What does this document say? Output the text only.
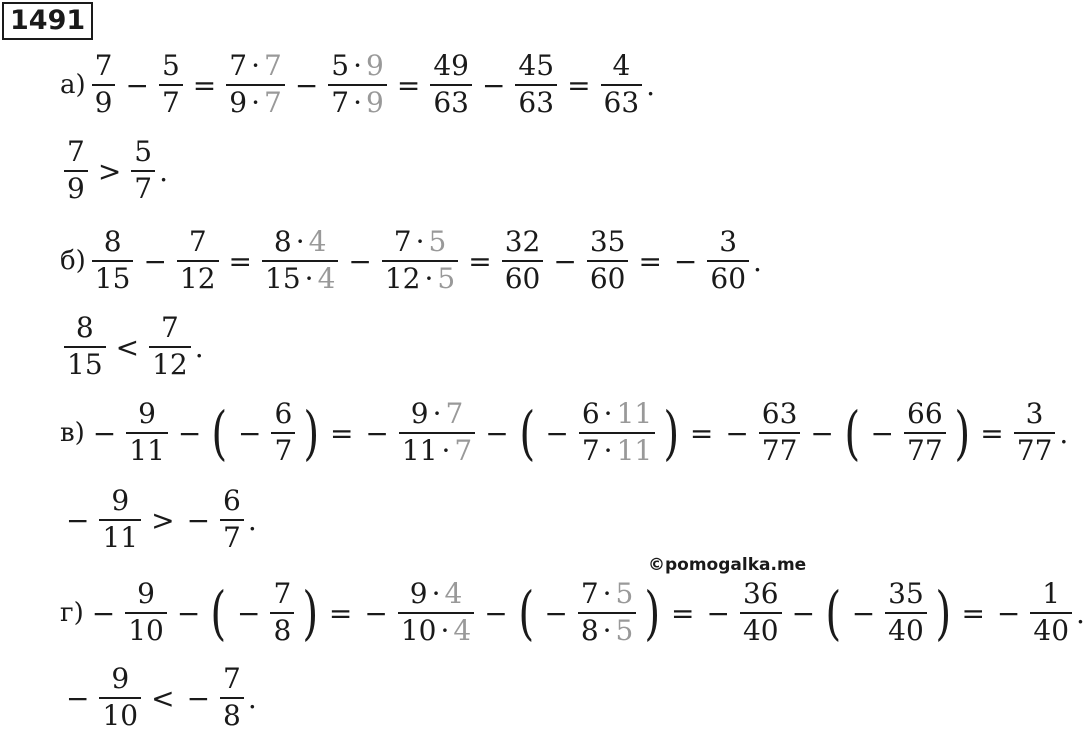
1491
©pomogalka.me
$а) \frac{7}{9} - \frac{5}{7} = \frac{7 \cdot 7}{9 \cdot 7} - \frac{5 \cdot 9}{7 \cdot 9} = \frac{49}{63} - \frac{45}{63} = \frac{4}{63}$ .
$\frac{7}{9} > \frac{5}{7}$ .
$б) \frac{8}{15} - \frac{7}{12} = \frac{8 \cdot 4}{15 \cdot 4} - \frac{7 \cdot 5}{12 \cdot 5} = \frac{32}{60} - \frac{35}{60}$ = − $\frac{3}{60}$ .
$\frac{8}{15} < \frac{7}{12}$ .
$в) - \frac{9}{11}$ − ( − $\frac{6}{7}$ ) = − $\frac{9 \cdot 7}{11 \cdot 7}$ − ( − $\frac{6 \cdot 11}{7 \cdot 11}$ ) = − $\frac{63}{77}$ − ( − $\frac{66}{77}$ ) = $\frac{3}{77}$ .
− $\frac{9}{11}$ > − $\frac{6}{7}$ .
$г) - \frac{9}{10}$ − ( − $\frac{7}{8}$ ) = − $\frac{9 \cdot 4}{10 \cdot 4}$ − ( − $\frac{7 \cdot 5}{8 \cdot 5}$ ) = − $\frac{36}{40}$ − ( − $\frac{35}{40}$ ) = − $\frac{1}{40}$ .
− $\frac{9}{10}$ < − $\frac{7}{8}$ .
